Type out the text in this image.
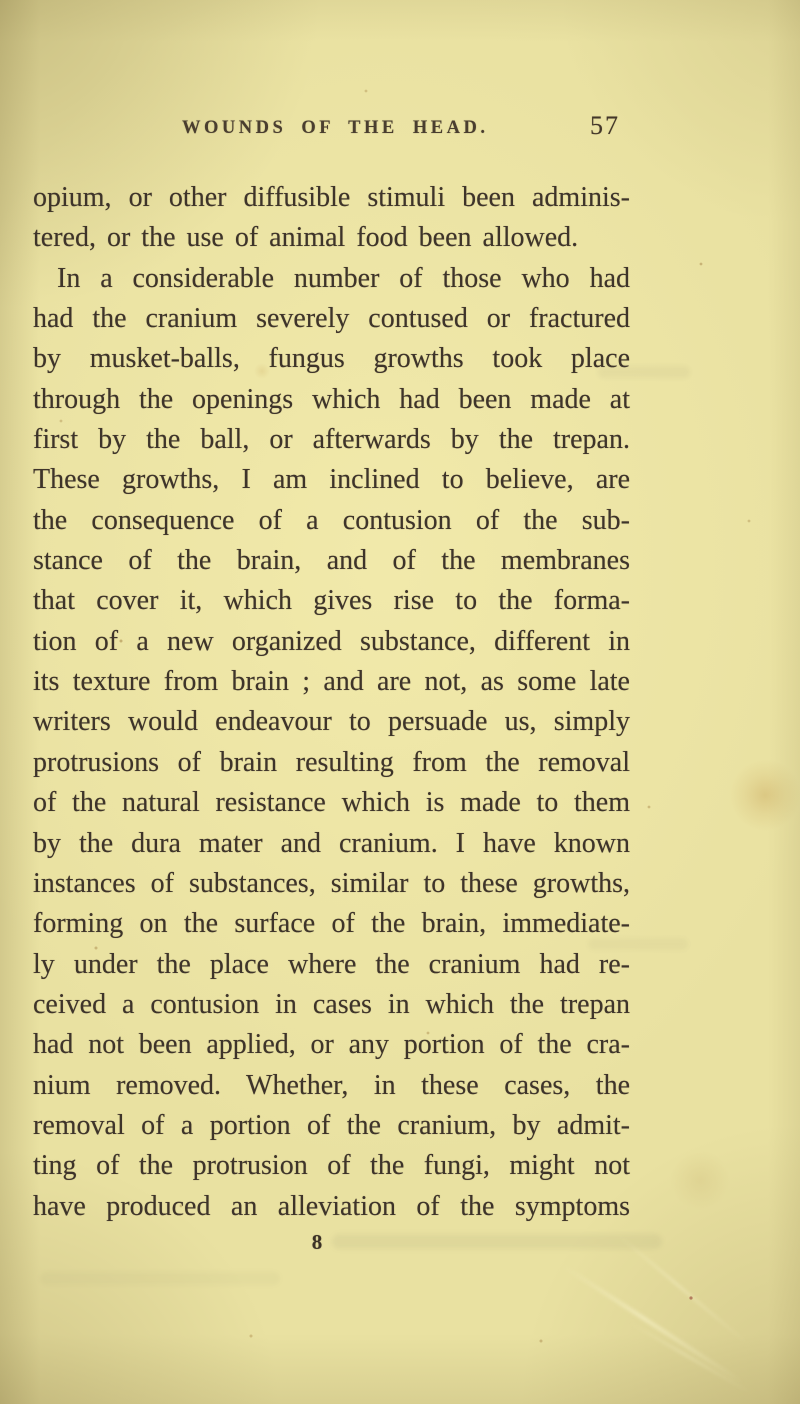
WOUNDS OF THE HEAD.	57
opium, or other diffusible stimuli been adminis-
tered, or the use of animal food been allowed.
In a considerable number of those who had
had the cranium severely contused or fractured
by musket-balls, fungus growths took place
through the openings which had been made at
first by the ball, or afterwards by the trepan.
These growths, I am inclined to believe, are
the consequence of a contusion of the sub-
stance of the brain, and of the membranes
that cover it, which gives rise to the forma-
tion of a new organized substance, different in
its texture from brain ; and are not, as some late
writers would endeavour to persuade us, simply
protrusions of brain resulting from the removal
of the natural resistance which is made to them
by the dura mater and cranium. I have known
instances of substances, similar to these growths,
forming on the surface of the brain, immediate-
ly under the place where the cranium had re-
ceived a contusion in cases in which the trepan
had not been applied, or any portion of the cra-
nium removed. Whether, in these cases, the
removal of a portion of the cranium, by admit-
ting of the protrusion of the fungi, might not
have produced an alleviation of the symptoms
8
